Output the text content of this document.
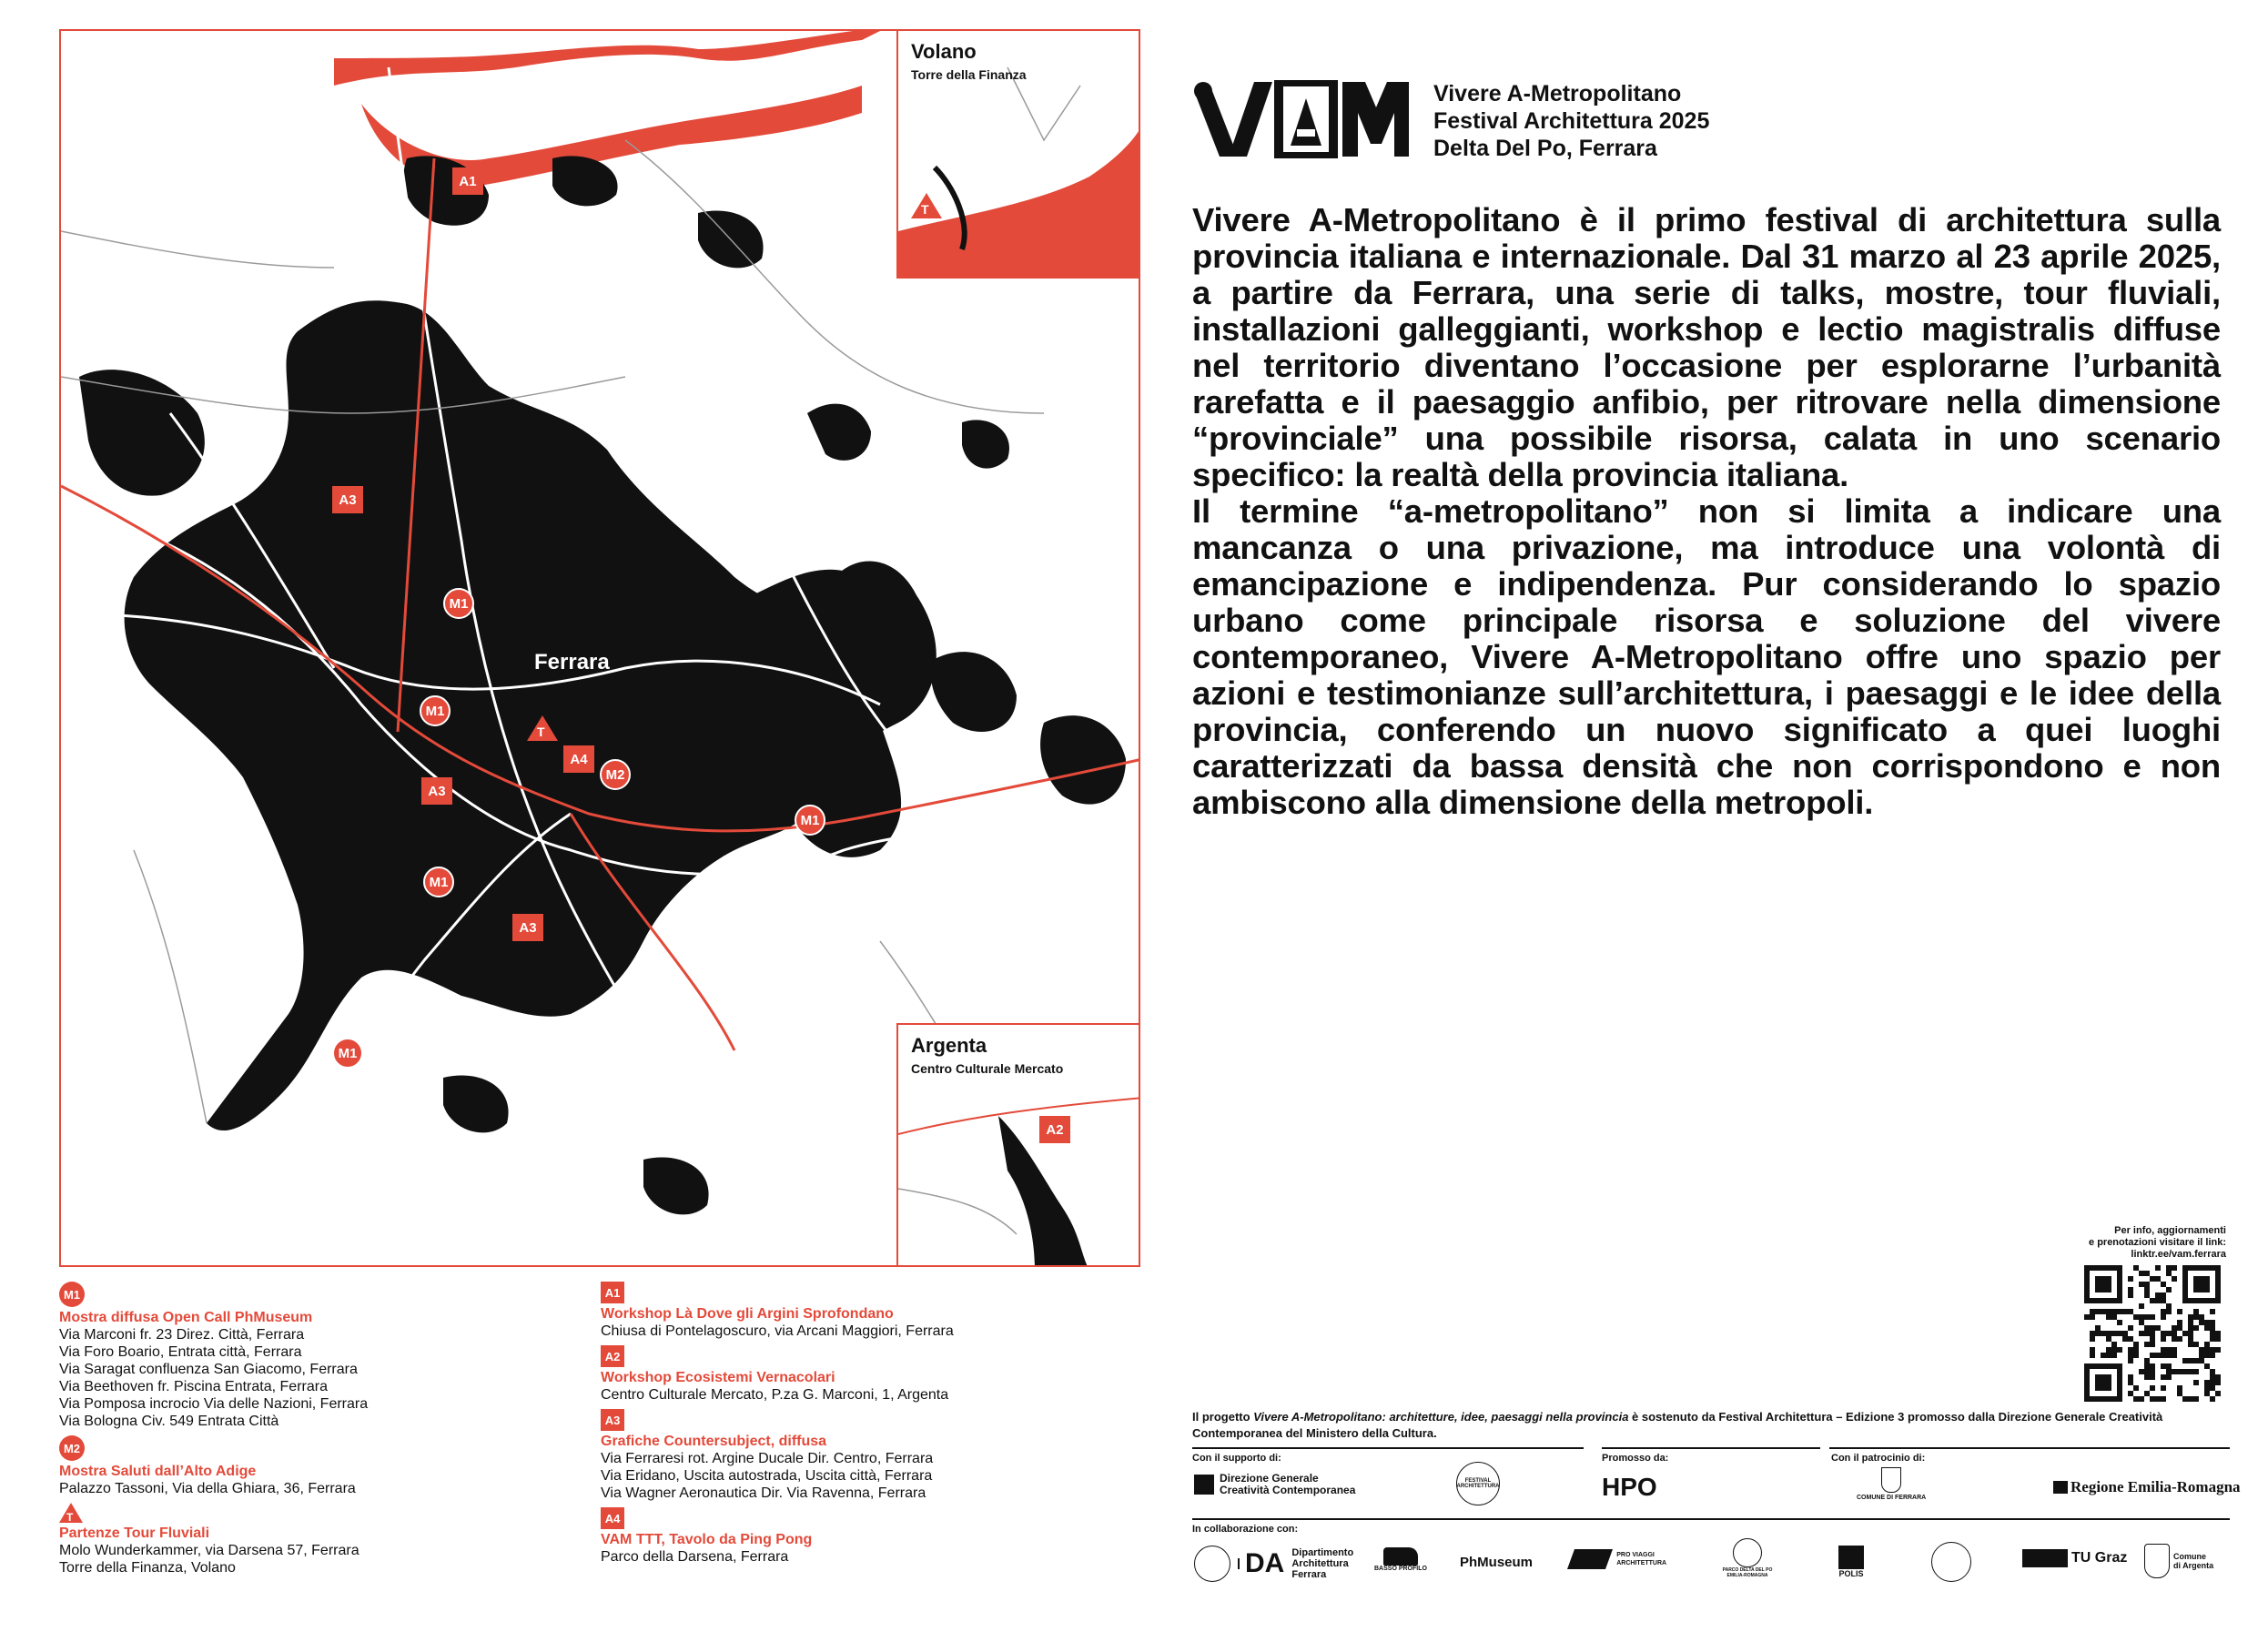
Volano
Torre della Finanza
T
Argenta
Centro Culturale Mercato
A2
Ferrara
A1
A3
A3
A3
A4
M1
M1
M1
M1
M1
M2
T
Vivere A-Metropolitano
Festival Architettura 2025
Delta Del Po, Ferrara

Vivere A-Metropolitano è il primo festival di architettura sulla provincia italiana e internazionale. Dal 31 marzo al 23 aprile 2025, a partire da Ferrara, una serie di talks, mostre, tour fluviali, installazioni galleggianti, workshop e lectio magistralis diffuse nel territorio diventano l’occasione per esplorarne l’urbanità rarefatta e il paesaggio anfibio, per ritrovare nella dimensione “provinciale” una possibile risorsa, calata in uno scenario specifico: la realtà della provincia italiana.

Il termine “a-metropolitano” non si limita a indicare una mancanza o una privazione, ma introduce una volontà di emancipazione e indipendenza. Pur considerando lo spazio urbano come principale risorsa e soluzione del vivere contemporaneo, Vivere A-Metropolitano offre uno spazio per azioni e testimonianze sull’architettura, i paesaggi e le idee della provincia, conferendo un nuovo significato a quei luoghi caratterizzati da bassa densità che non corrispondono e non ambiscono alla dimensione della metropoli.

M1
Mostra diffusa Open Call PhMuseum
Via Marconi fr. 23 Direz. Città, Ferrara
Via Foro Boario, Entrata città, Ferrara
Via Saragat confluenza San Giacomo, Ferrara
Via Beethoven fr. Piscina Entrata, Ferrara
Via Pomposa incrocio Via delle Nazioni, Ferrara
Via Bologna Civ. 549 Entrata Città
M2
Mostra Saluti dall’Alto Adige
Palazzo Tassoni, Via della Ghiara, 36, Ferrara
T
Partenze Tour Fluviali
Molo Wunderkammer, via Darsena 57, Ferrara
Torre della Finanza, Volano
A1
Workshop Là Dove gli Argini Sprofondano
Chiusa di Pontelagoscuro, via Arcani Maggiori, Ferrara
A2
Workshop Ecosistemi Vernacolari
Centro Culturale Mercato, P.za G. Marconi, 1, Argenta
A3
Grafiche Countersubject, diffusa
Via Ferraresi rot. Argine Ducale Dir. Centro, Ferrara
Via Eridano, Uscita autostrada, Uscita città, Ferrara
Via Wagner Aeronautica Dir. Via Ravenna, Ferrara
A4
VAM TTT, Tavolo da Ping Pong
Parco della Darsena, Ferrara
Per info, aggiornamenti
e prenotazioni visitare il link:
linktr.ee/vam.ferrara
Il progetto Vivere A-Metropolitano: architetture, idee, paesaggi nella provincia è sostenuto da Festival Architettura – Edizione 3 promosso dalla Direzione Generale Creatività Contemporanea del Ministero della Cultura.
Con il supporto di:	Promosso da:	Con il patrocinio di:
Direzione Generale
Creatività Contemporanea
FESTIVAL ARCHITETTURA	HPO	COMUNE DI FERRARA
Regione Emilia-Romagna
In collaborazione con:
DA Dipartimento
Architettura
Ferrara
BASSO PROFILO PhMuseum	PRO VIAGGI ARCHITETTURA
PARCO DELTA DEL PO EMILIA-ROMAGNA	POLIS
TU Graz	Comune
di Argenta
